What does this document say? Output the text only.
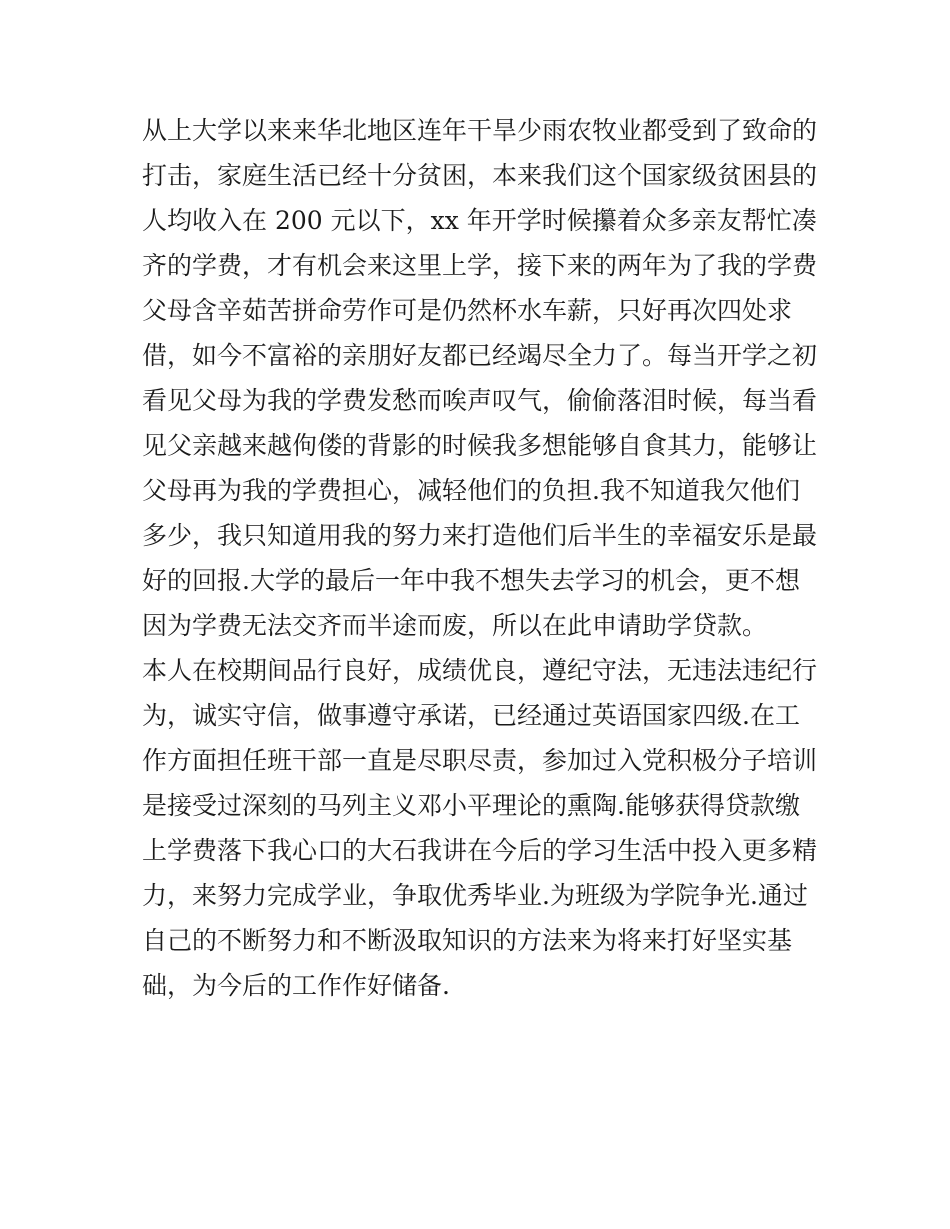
从上大学以来来华北地区连年干旱少雨农牧业都受到了致命的
打击，家庭生活已经十分贫困，本来我们这个国家级贫困县的
人均收入在 200 元以下，xx 年开学时候攥着众多亲友帮忙凑
齐的学费，才有机会来这里上学，接下来的两年为了我的学费
父母含辛茹苦拼命劳作可是仍然杯水车薪，只好再次四处求
借，如今不富裕的亲朋好友都已经竭尽全力了。每当开学之初
看见父母为我的学费发愁而唉声叹气，偷偷落泪时候，每当看
见父亲越来越佝偻的背影的时候我多想能够自食其力，能够让
父母再为我的学费担心，减轻他们的负担.我不知道我欠他们
多少，我只知道用我的努力来打造他们后半生的幸福安乐是最
好的回报.大学的最后一年中我不想失去学习的机会，更不想
因为学费无法交齐而半途而废，所以在此申请助学贷款。
本人在校期间品行良好，成绩优良，遵纪守法，无违法违纪行
为，诚实守信，做事遵守承诺，已经通过英语国家四级.在工
作方面担任班干部一直是尽职尽责，参加过入党积极分子培训
是接受过深刻的马列主义邓小平理论的熏陶.能够获得贷款缴
上学费落下我心口的大石我讲在今后的学习生活中投入更多精
力，来努力完成学业，争取优秀毕业.为班级为学院争光.通过
自己的不断努力和不断汲取知识的方法来为将来打好坚实基
础，为今后的工作作好储备.
